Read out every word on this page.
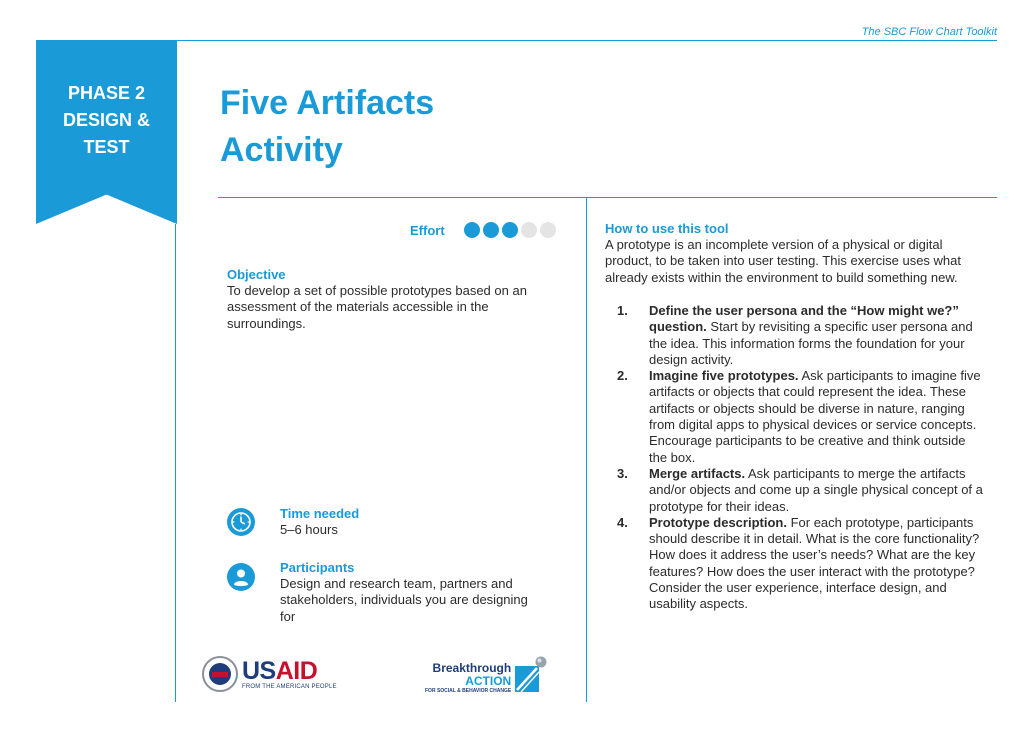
The SBC Flow Chart Toolkit
PHASE 2
DESIGN &
TEST
Five Artifacts
Activity
Effort
Objective
To develop a set of possible prototypes based on an assessment of the materials accessible in the surroundings.
Time needed
5–6 hours
Participants
Design and research team, partners and stakeholders, individuals you are designing for
USAID
FROM THE AMERICAN PEOPLE
Breakthrough
ACTION
FOR SOCIAL & BEHAVIOR CHANGE
How to use this tool
A prototype is an incomplete version of a physical or digital product, to be taken into user testing. This exercise uses what already exists within the environment to build something new.
1.	Define the user persona and the “How might we?” question. Start by revisiting a specific user persona and the idea. This information forms the foundation for your design activity.
2.	Imagine five prototypes. Ask participants to imagine five artifacts or objects that could represent the idea. These artifacts or objects should be diverse in nature, ranging from digital apps to physical devices or service concepts. Encourage participants to be creative and think outside the box.
3.	Merge artifacts. Ask participants to merge the artifacts and/or objects and come up a single physical concept of a prototype for their ideas.
4.	Prototype description. For each prototype, participants should describe it in detail. What is the core functionality? How does it address the user’s needs? What are the key features? How does the user interact with the prototype? Consider the user experience, interface design, and usability aspects.
